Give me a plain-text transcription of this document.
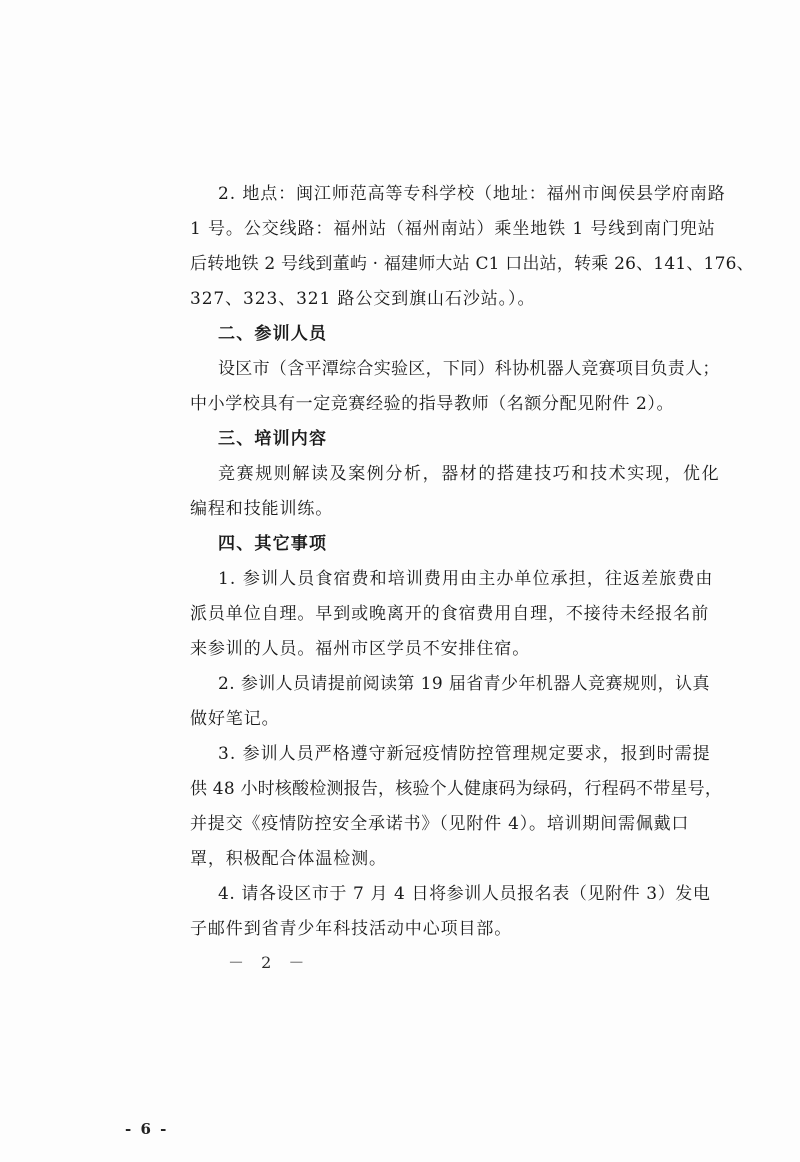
2. 地点：闽江师范高等专科学校（地址：福州市闽侯县学府南路
1 号。公交线路：福州站（福州南站）乘坐地铁 1 号线到南门兜站
后转地铁 2 号线到董屿 · 福建师大站 C1 口出站，转乘 26、141、176、
327、323、321 路公交到旗山石沙站。）。
二、参训人员
设区市（含平潭综合实验区，下同）科协机器人竞赛项目负责人；
中小学校具有一定竞赛经验的指导教师（名额分配见附件 2）。
三、培训内容
竞赛规则解读及案例分析，器材的搭建技巧和技术实现，优化
编程和技能训练。
四、其它事项
1. 参训人员食宿费和培训费用由主办单位承担，往返差旅费由
派员单位自理。早到或晚离开的食宿费用自理，不接待未经报名前
来参训的人员。福州市区学员不安排住宿。
2. 参训人员请提前阅读第 19 届省青少年机器人竞赛规则，认真
做好笔记。
3. 参训人员严格遵守新冠疫情防控管理规定要求，报到时需提
供 48 小时核酸检测报告，核验个人健康码为绿码，行程码不带星号，
并提交《疫情防控安全承诺书》（见附件 4）。培训期间需佩戴口
罩，积极配合体温检测。
4. 请各设区市于 7 月 4 日将参训人员报名表（见附件 3）发电
子邮件到省青少年科技活动中心项目部。
－ 2 －
- 6 -
